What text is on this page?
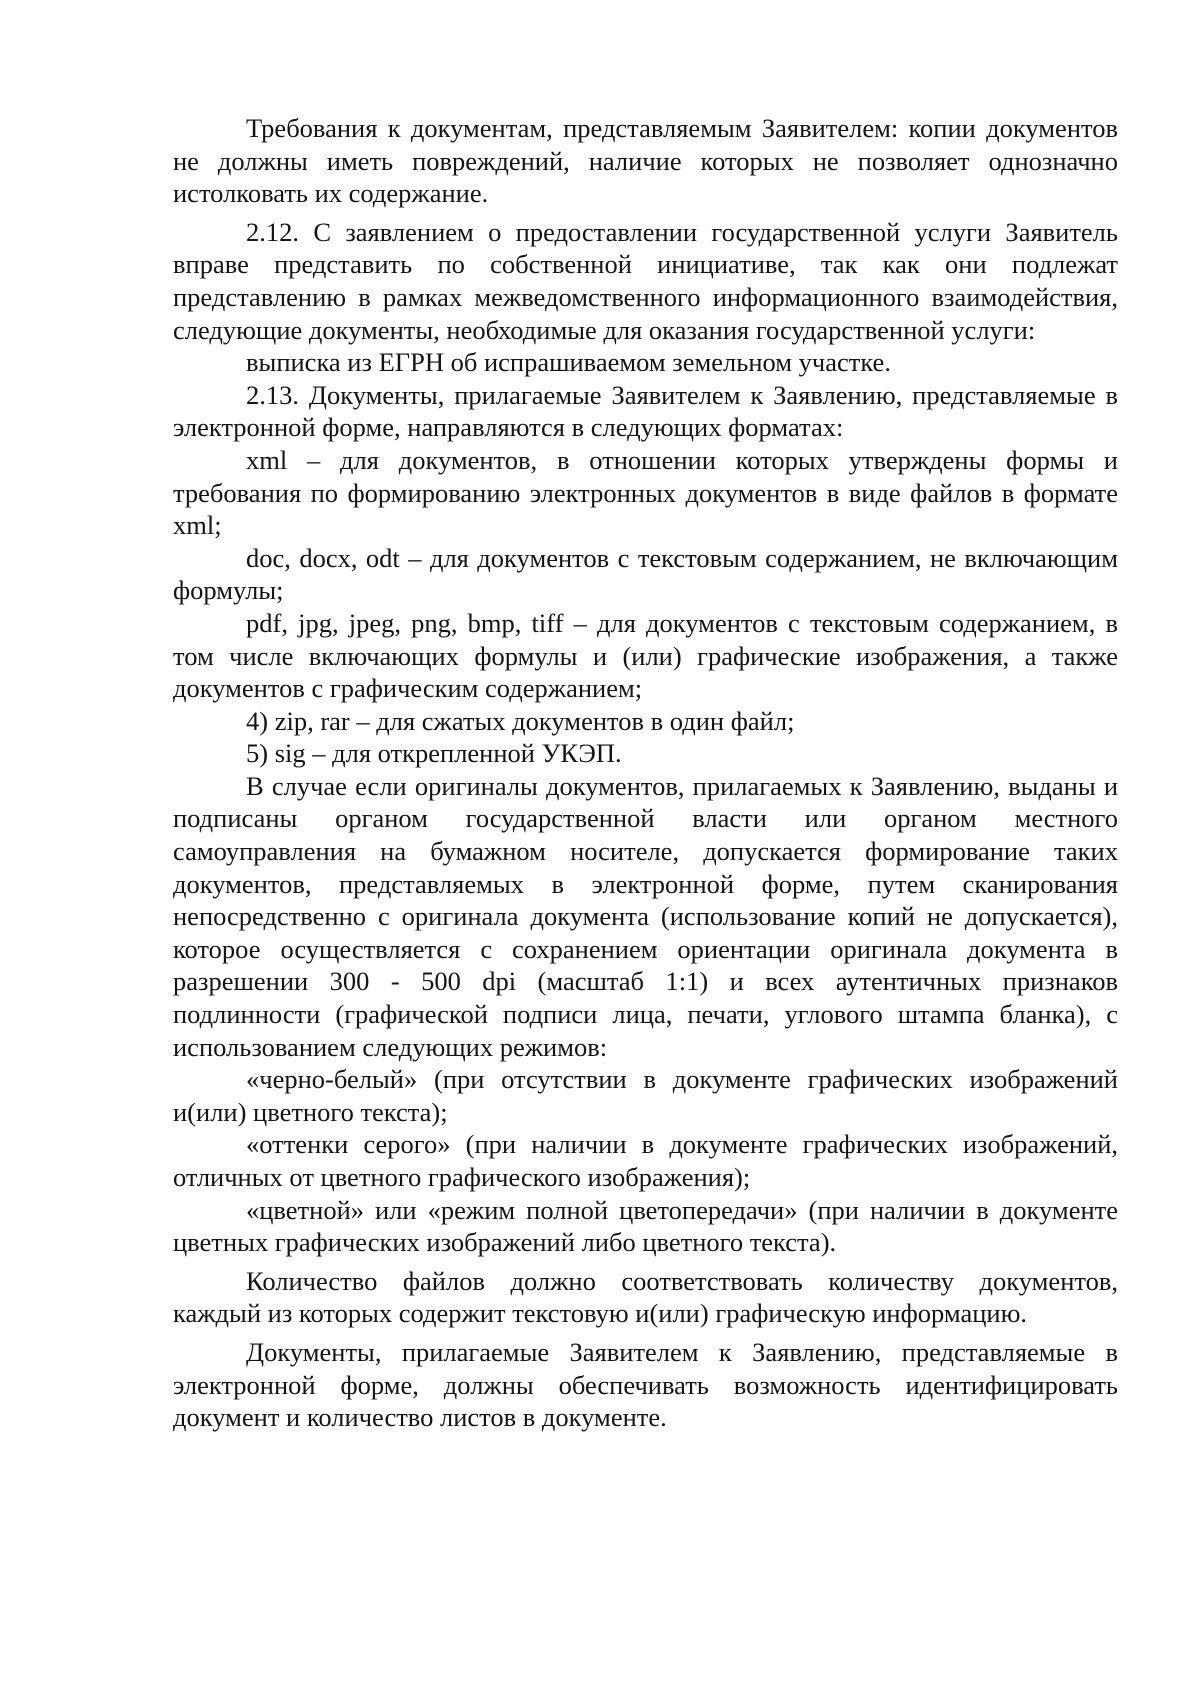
Требования к документам, представляемым Заявителем: копии документов не должны иметь повреждений, наличие которых не позволяет однозначно истолковать их содержание.

2.12. С заявлением о предоставлении государственной услуги Заявитель вправе представить по собственной инициативе, так как они подлежат представлению в рамках межведомственного информационного взаимодействия, следующие документы, необходимые для оказания государственной услуги:

выписка из ЕГРН об испрашиваемом земельном участке.

2.13. Документы, прилагаемые Заявителем к Заявлению, представляемые в электронной форме, направляются в следующих форматах:

xml – для документов, в отношении которых утверждены формы и требования по формированию электронных документов в виде файлов в формате xml;

doc, docx, odt – для документов с текстовым содержанием, не включающим формулы;

pdf, jpg, jpeg, png, bmp, tiff – для документов с текстовым содержанием, в том числе включающих формулы и (или) графические изображения, а также документов с графическим содержанием;

4) zip, rar – для сжатых документов в один файл;

5) sig – для открепленной УКЭП.

В случае если оригиналы документов, прилагаемых к Заявлению, выданы и подписаны органом государственной власти или органом местного самоуправления на бумажном носителе, допускается формирование таких документов, представляемых в электронной форме, путем сканирования непосредственно с оригинала документа (использование копий не допускается), которое осуществляется с сохранением ориентации оригинала документа в разрешении 300 - 500 dpi (масштаб 1:1) и всех аутентичных признаков подлинности (графической подписи лица, печати, углового штампа бланка), с использованием следующих режимов:

«черно-белый» (при отсутствии в документе графических изображений и(или) цветного текста);

«оттенки серого» (при наличии в документе графических изображений, отличных от цветного графического изображения);

«цветной» или «режим полной цветопередачи» (при наличии в документе цветных графических изображений либо цветного текста).

Количество файлов должно соответствовать количеству документов, каждый из которых содержит текстовую и(или) графическую информацию.

Документы, прилагаемые Заявителем к Заявлению, представляемые в электронной форме, должны обеспечивать возможность идентифицировать документ и количество листов в документе.
